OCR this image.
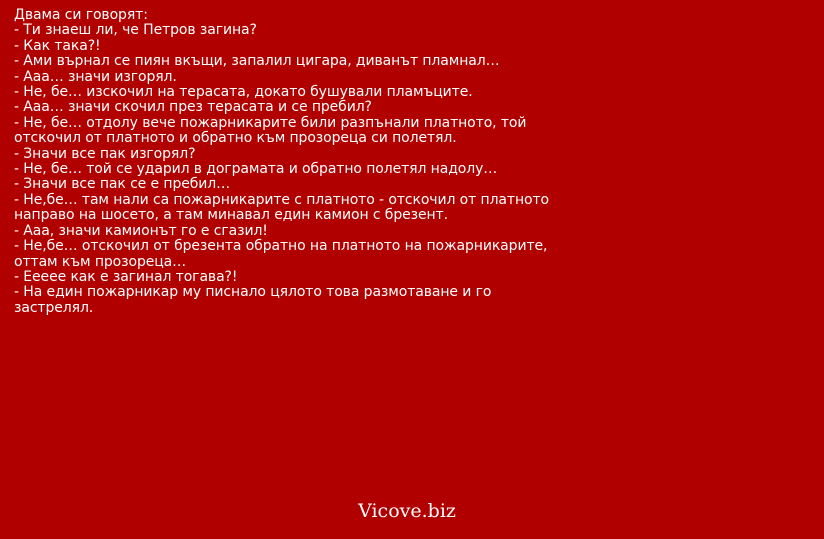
Двама си говорят:
- Ти знаеш ли, че Петров загина?
- Как така?!
- Ами върнал се пиян вкъщи, запалил цигара, диванът пламнал…
- Ааа… значи изгорял.
- Не, бе… изскочил на терасата, докато бушували пламъците.
- Ааа… значи скочил през терасата и се пребил?
- Не, бе… отдолу вече пожарникарите били разпънали платното, той отскочил от платното и обратно към прозореца си полетял.
- Значи все пак изгорял?
- Не, бе… той се ударил в дограмата и обратно полетял надолу…
- Значи все пак се е пребил…
- Не,бе… там нали са пожарникарите с платното - отскочил от платното направо на шосето, а там минавал един камион с брезент.
- Ааа, значи камионът го е сгазил!
- Не,бе… отскочил от брезента обратно на платното на пожарникарите, оттам към прозореца…
- Еееее как е загинал тогава?!
- На един пожарникар му писнало цялото това размотаване и го застрелял.
Vicove.biz
